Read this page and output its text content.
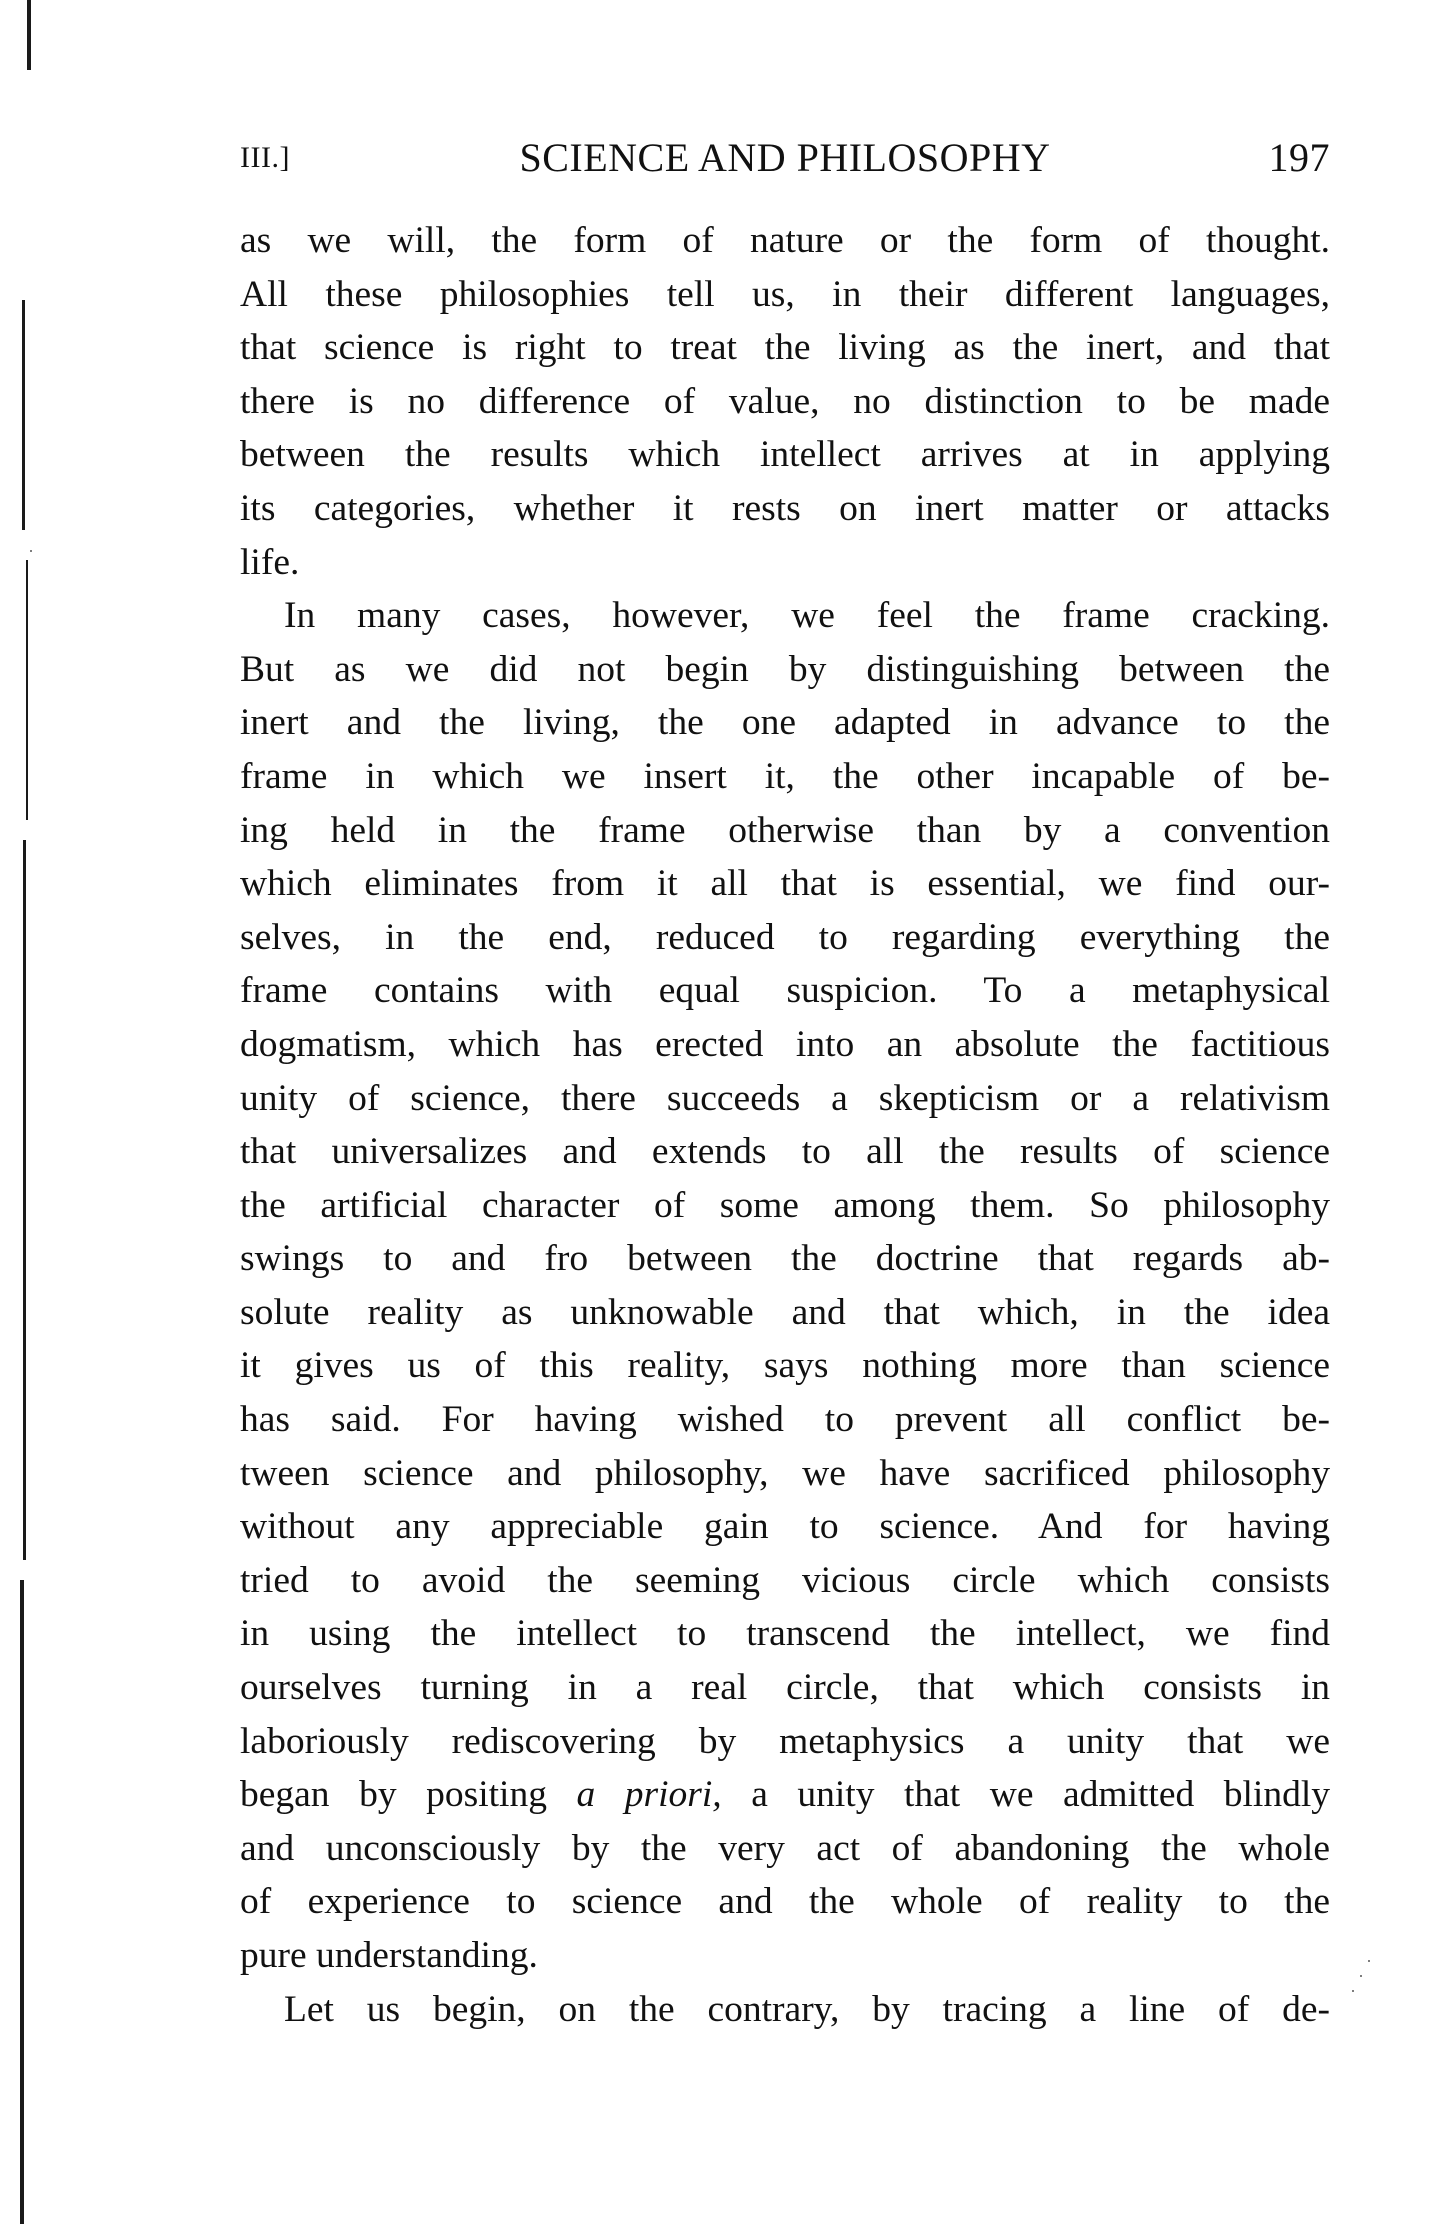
III.]	SCIENCE AND PHILOSOPHY	197
as we will, the form of nature or the form of thought.
All these philosophies tell us, in their different languages,
that science is right to treat the living as the inert, and that
there is no difference of value, no distinction to be made
between the results which intellect arrives at in applying
its categories, whether it rests on inert matter or attacks
life.
In many cases, however, we feel the frame cracking.
But as we did not begin by distinguishing between the
inert and the living, the one adapted in advance to the
frame in which we insert it, the other incapable of be-
ing held in the frame otherwise than by a convention
which eliminates from it all that is essential, we find our-
selves, in the end, reduced to regarding everything the
frame contains with equal suspicion. To a metaphysical
dogmatism, which has erected into an absolute the factitious
unity of science, there succeeds a skepticism or a relativism
that universalizes and extends to all the results of science
the artificial character of some among them. So philosophy
swings to and fro between the doctrine that regards ab-
solute reality as unknowable and that which, in the idea
it gives us of this reality, says nothing more than science
has said. For having wished to prevent all conflict be-
tween science and philosophy, we have sacrificed philosophy
without any appreciable gain to science. And for having
tried to avoid the seeming vicious circle which consists
in using the intellect to transcend the intellect, we find
ourselves turning in a real circle, that which consists in
laboriously rediscovering by metaphysics a unity that we
began by positing a priori, a unity that we admitted blindly
and unconsciously by the very act of abandoning the whole
of experience to science and the whole of reality to the
pure understanding.
Let us begin, on the contrary, by tracing a line of de-
